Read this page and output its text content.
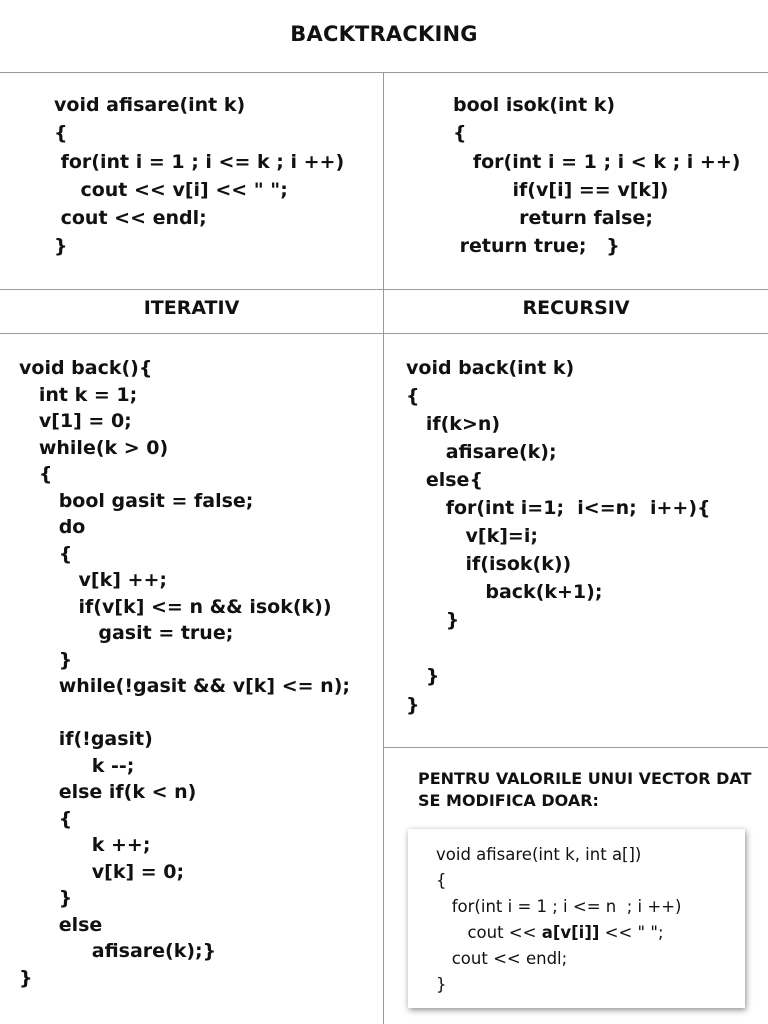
BACKTRACKING
void afisare(int k)
{
for(int i = 1 ; i <= k ; i ++)
cout << v[i] << " ";
cout << endl;
}
bool isok(int k)
{
for(int i = 1 ; i < k ; i ++)
if(v[i] == v[k])
return false;
return true;   }
ITERATIV	RECURSIV
void back(){
int k = 1;
v[1] = 0;
while(k > 0)
{
bool gasit = false;
do
{
v[k] ++;
if(v[k] <= n && isok(k))
gasit = true;
}
while(!gasit && v[k] <= n);
if(!gasit)
k --;
else if(k < n)
{
k ++;
v[k] = 0;
}
else
afisare(k);}
}
void back(int k)
{
if(k>n)
afisare(k);
else{
for(int i=1;  i<=n;  i++){
v[k]=i;
if(isok(k))
back(k+1);
}
}
}
PENTRU VALORILE UNUI VECTOR DAT SE MODIFICA DOAR:
void afisare(int k, int a[])
{
for(int i = 1 ; i <= n  ; i ++)
cout << a[v[i]] << " ";
cout << endl;
}
